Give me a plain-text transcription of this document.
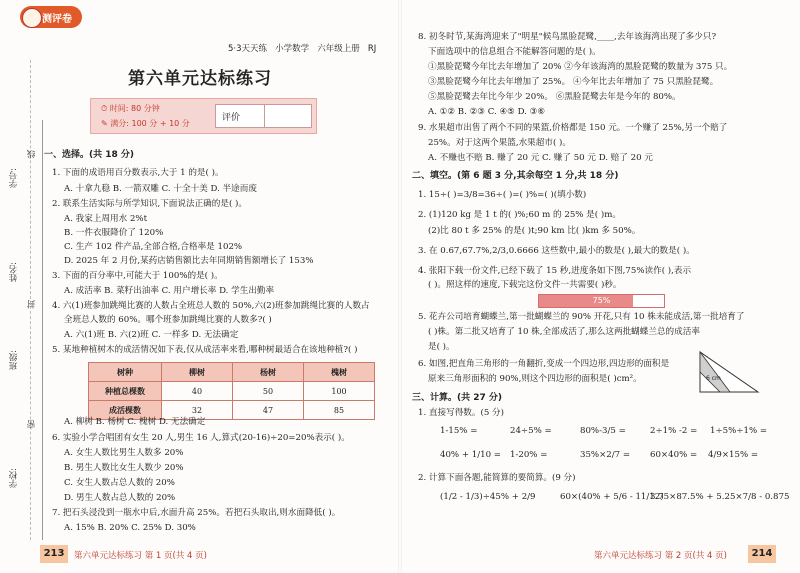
学号:
姓名:
班级:
学校:
线
封
密
测评卷
5·3天天练 小学数学 六年级上册 RJ
第六单元达标练习
⏱ 时间: 80 分钟
✎ 满分: 100 分 + 10 分
评价
一、选择。(共 18 分)
1. 下面的成语用百分数表示,大于 1 的是( )。
A. 十拿九稳 B. 一箭双雕 C. 十全十美 D. 半途而废
2. 联系生活实际与所学知识,下面说法正确的是( )。
A. 我家上周用水 2%t
B. 一件衣服降价了 120%
C. 生产 102 件产品,全部合格,合格率是 102%
D. 2025 年 2 月份,某药店销售额比去年同期销售额增长了 153%
3. 下面的百分率中,可能大于 100%的是( )。
A. 成活率 B. 菜籽出油率 C. 用户增长率 D. 学生出勤率
4. 六(1)班参加跳绳比赛的人数占全班总人数的 50%,六(2)班参加跳绳比赛的人数占
全班总人数的 60%。哪个班参加跳绳比赛的人数多?( )
A. 六(1)班 B. 六(2)班 C. 一样多 D. 无法确定
5. 某地种植树木的成活情况如下表,仅从成活率来看,哪种树最适合在该地种植?( )
树种	柳树	杨树	槐树
种植总棵数	40	50	100
成活棵数	32	47	85
A. 柳树 B. 杨树 C. 槐树 D. 无法确定
6. 实验小学合唱团有女生 20 人,男生 16 人,算式(20-16)÷20=20%表示( )。
A. 女生人数比男生人数多 20%
B. 男生人数比女生人数少 20%
C. 女生人数占总人数的 20%
D. 男生人数占总人数的 20%
7. 把石头浸没到一瓶水中后,水面升高 25%。若把石头取出,则水面降低( )。
A. 15% B. 20% C. 25% D. 30%
213	第六单元达标练习 第 1 页(共 4 页)
8. 初冬时节,某海湾迎来了"明星"候鸟黑脸琵鹭,____,去年该海湾出现了多少只?
下面选项中的信息组合不能解答问题的是( )。
①黑脸琵鹭今年比去年增加了 20% ②今年该海湾的黑脸琵鹭的数量为 375 只。
③黑脸琵鹭今年比去年增加了 25%。 ④今年比去年增加了 75 只黑脸琵鹭。
⑤黑脸琵鹭去年比今年少 20%。 ⑥黑脸琵鹭去年是今年的 80%。
A. ①② B. ②③ C. ④⑤ D. ③⑥
9. 水果超市出售了两个不同的果篮,价格都是 150 元。一个赚了 25%,另一个赔了
25%。对于这两个果篮,水果超市( )。
A. 不赚也不赔 B. 赚了 20 元 C. 赚了 50 元 D. 赔了 20 元
二、填空。(第 6 题 3 分,其余每空 1 分,共 18 分)
1. 15÷( )=3/8=36÷( )=( )%=( )(填小数)
2. (1)120 kg 是 1 t 的( )%;60 m 的 25% 是( )m。
(2)比 80 t 多 25% 的是( )t;90 km 比( )km 多 50%。
3. 在 0.67,67.7%,2/3,0.6666 这些数中,最小的数是( ),最大的数是( )。
4. 张阳下载一份文件,已经下载了 15 秒,进度条如下图,75%读作( ),表示
( )。照这样的速度,下载完这份文件一共需要( )秒。
75%
5. 花卉公司培育蝴蝶兰,第一批蝴蝶兰的 90% 开花,只有 10 株未能成活,第一批培育了
( )株。第二批又培育了 10 株,全部成活了,那么这两批蝴蝶兰总的成活率
是( )。
6. 如图,把直角三角形的一角翻折,变成一个四边形,四边形的面积是
原来三角形面积的 90%,则这个四边形的面积是( )cm²。	6 cm
三、计算。(共 27 分)
1. 直接写得数。(5 分)
1-15% =	24÷5% =	80%-3/5 =	2÷1% -2 = 1÷5%÷1% =
40% + 1/10 = 1-20% =	35%×2/7 = 60×40% = 4/9×15% =
2. 计算下面各题,能简算的要简算。(9 分)
(1/2 - 1/3)÷45% + 2/9	60×(40% + 5/6 - 11/12)
3.75×87.5% + 5.25×7/8 - 0.875
第六单元达标练习 第 2 页(共 4 页)	214
